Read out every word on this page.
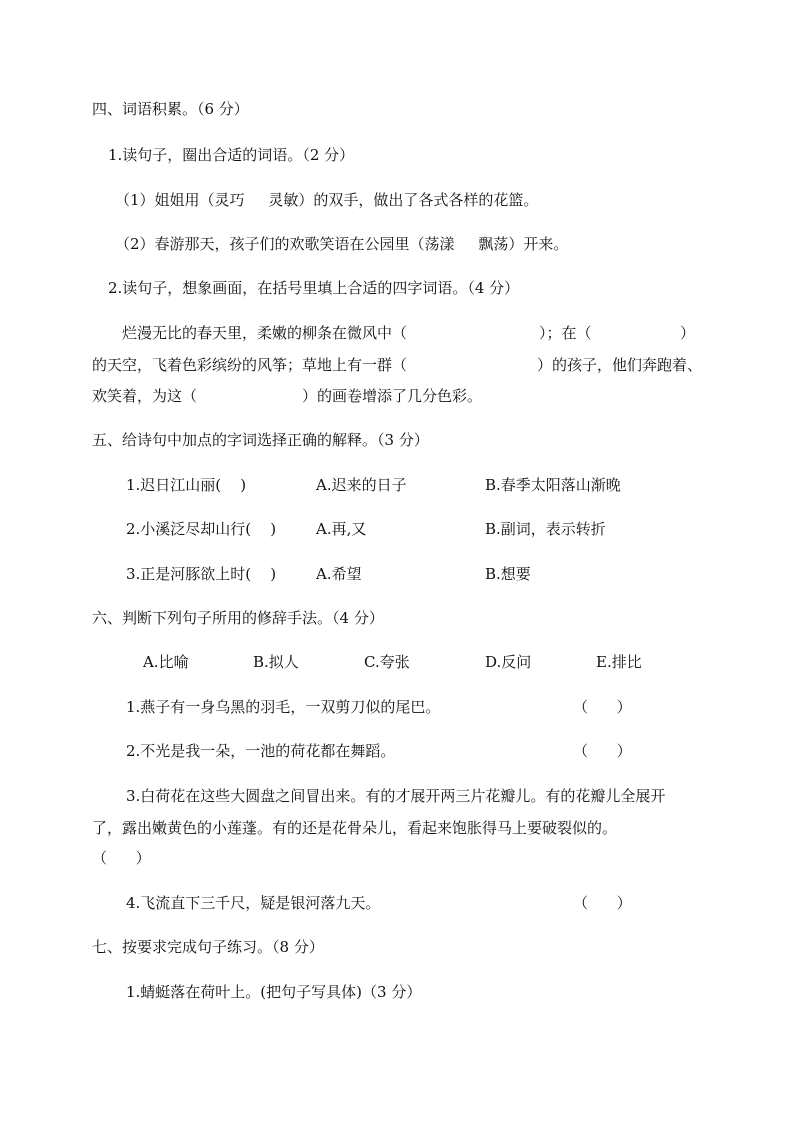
四、词语积累。（6 分）
1.读句子，圈出合适的词语。（2 分）
（1）姐姐用（灵巧     灵敏）的双手，做出了各式各样的花篮。
（2）春游那天，孩子们的欢歌笑语在公园里（荡漾     飘荡）开来。
2.读句子，想象画面，在括号里填上合适的四字词语。（4 分）
烂漫无比的春天里，柔嫩的柳条在微风中（	）；在（	）
的天空，飞着色彩缤纷的风筝；草地上有一群（	）的孩子，他们奔跑着、
欢笑着，为这（	）的画卷增添了几分色彩。
五、给诗句中加点的字词选择正确的解释。（3 分）
1.迟日江山丽(    )	A.迟来的日子	B.春季太阳落山渐晚
2.小溪泛尽却山行(    )	A.再,又	B.副词，表示转折
3.正是河豚欲上时(    )	A.希望	B.想要
六、判断下列句子所用的修辞手法。（4 分）
A.比喻	B.拟人	C.夸张	D.反问	E.排比
1.燕子有一身乌黑的羽毛，一双剪刀似的尾巴。	（      ）
2.不光是我一朵，一池的荷花都在舞蹈。	（      ）
3.白荷花在这些大圆盘之间冒出来。有的才展开两三片花瓣儿。有的花瓣儿全展开
了，露出嫩黄色的小莲蓬。有的还是花骨朵儿，看起来饱胀得马上要破裂似的。
（      ）
4.飞流直下三千尺，疑是银河落九天。	（      ）
七、按要求完成句子练习。（8 分）
1.蜻蜓落在荷叶上。(把句子写具体)（3 分）
